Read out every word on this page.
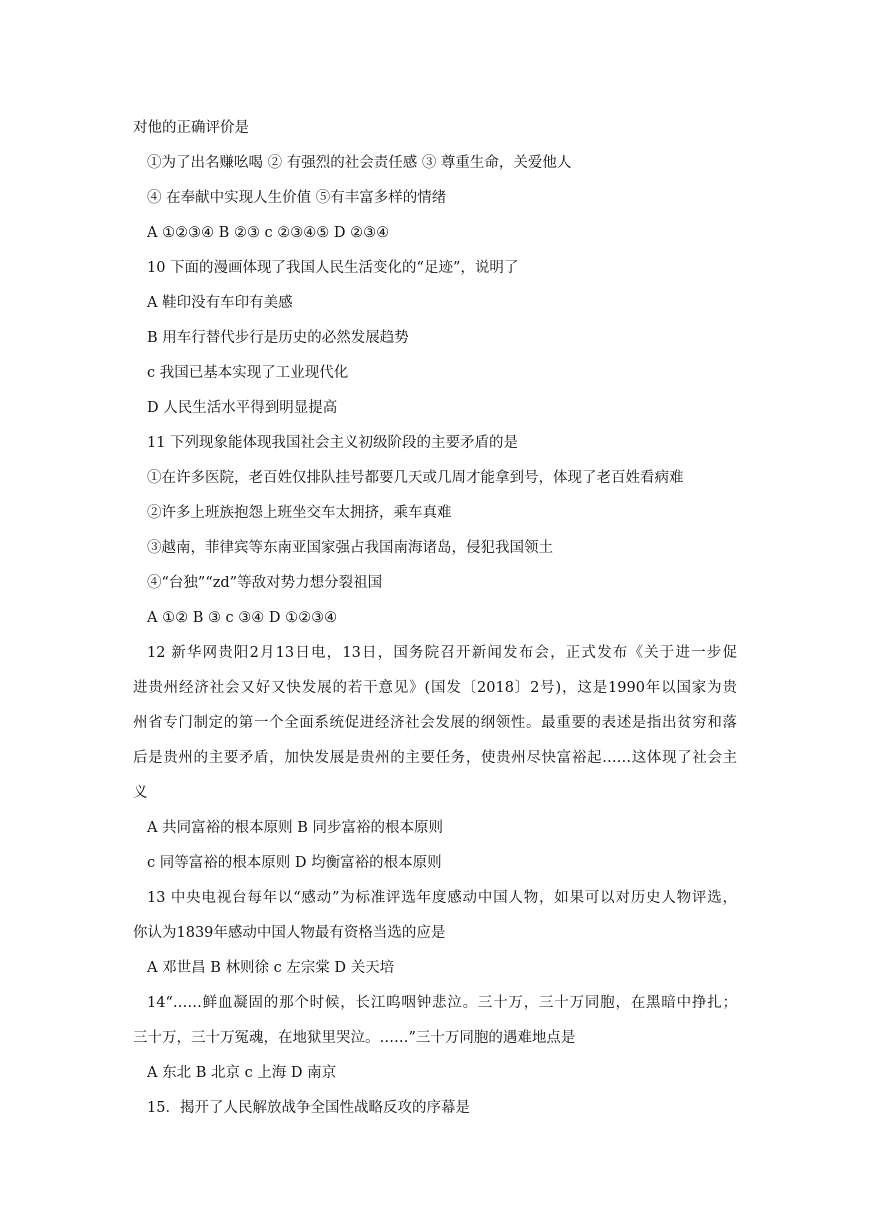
对他的正确评价是
①为了出名赚吆喝 ② 有强烈的社会责任感 ③ 尊重生命，关爱他人
④ 在奉献中实现人生价值 ⑤有丰富多样的情绪
A ①②③④ B ②③ c ②③④⑤ D ②③④
10 下面的漫画体现了我国人民生活变化的“足迹”，说明了
A 鞋印没有车印有美感
B 用车行替代步行是历史的必然发展趋势
c 我国已基本实现了工业现代化
D 人民生活水平得到明显提高
11 下列现象能体现我国社会主义初级阶段的主要矛盾的是
①在许多医院，老百姓仅排队挂号都要几天或几周才能拿到号，体现了老百姓看病难
②许多上班族抱怨上班坐交车太拥挤，乘车真难
③越南，菲律宾等东南亚国家强占我国南海诸岛，侵犯我国领土
④“台独”“zd”等敌对势力想分裂祖国
A ①② B ③ c ③④ D ①②③④
12 新华网贵阳2月13日电，13日，国务院召开新闻发布会，正式发布《关于进一步促
进贵州经济社会又好又快发展的若干意见》(国发〔2018〕2号)，这是1990年以国家为贵
州省专门制定的第一个全面系统促进经济社会发展的纲领性。最重要的表述是指出贫穷和落
后是贵州的主要矛盾，加快发展是贵州的主要任务，使贵州尽快富裕起……这体现了社会主
义
A 共同富裕的根本原则 B 同步富裕的根本原则
c 同等富裕的根本原则 D 均衡富裕的根本原则
13 中央电视台每年以“感动”为标准评选年度感动中国人物，如果可以对历史人物评选，
你认为1839年感动中国人物最有资格当选的应是
A 邓世昌 B 林则徐 c 左宗棠 D 关天培
14“……鲜血凝固的那个时候，长江呜咽钟悲泣。三十万，三十万同胞，在黑暗中挣扎；
三十万，三十万冤魂，在地狱里哭泣。……”三十万同胞的遇难地点是
A 东北 B 北京 c 上海 D 南京
15．揭开了人民解放战争全国性战略反攻的序幕是
